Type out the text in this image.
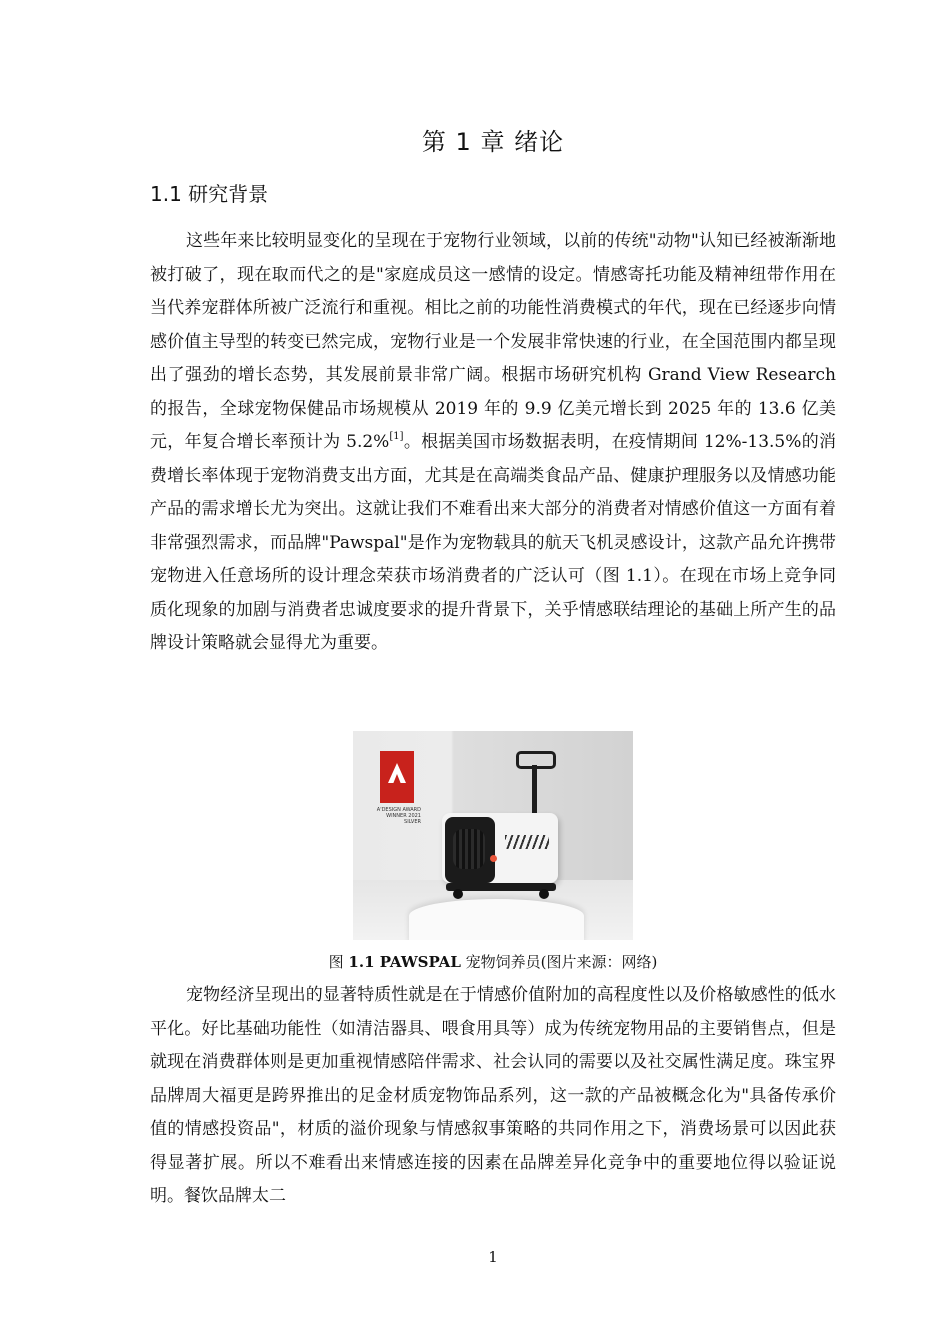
第 1 章 绪论
1.1 研究背景

这些年来比较明显变化的呈现在于宠物行业领域，以前的传统"动物"认知已经被渐渐地被打破了，现在取而代之的是"家庭成员这一感情的设定。情感寄托功能及精神纽带作用在当代养宠群体所被广泛流行和重视。相比之前的功能性消费模式的年代，现在已经逐步向情感价值主导型的转变已然完成，宠物行业是一个发展非常快速的行业，在全国范围内都呈现出了强劲的增长态势，其发展前景非常广阔。根据市场研究机构 Grand View Research 的报告，全球宠物保健品市场规模从 2019 年的 9.9 亿美元增长到 2025 年的 13.6 亿美元，年复合增长率预计为 5.2%[1]。根据美国市场数据表明，在疫情期间 12%-13.5%的消费增长率体现于宠物消费支出方面，尤其是在高端类食品产品、健康护理服务以及情感功能产品的需求增长尤为突出。这就让我们不难看出来大部分的消费者对情感价值这一方面有着非常强烈需求，而品牌"Pawspal"是作为宠物载具的航天飞机灵感设计，这款产品允许携带宠物进入任意场所的设计理念荣获市场消费者的广泛认可（图 1.1）。在现在市场上竞争同质化现象的加剧与消费者忠诚度要求的提升背景下，关乎情感联结理论的基础上所产生的品牌设计策略就会显得尤为重要。

A'DESIGN AWARD
WINNER 2021
SILVER
图 1.1 PAWSPAL 宠物饲养员(图片来源：网络)

宠物经济呈现出的显著特质性就是在于情感价值附加的高程度性以及价格敏感性的低水平化。好比基础功能性（如清洁器具、喂食用具等）成为传统宠物用品的主要销售点，但是就现在消费群体则是更加重视情感陪伴需求、社会认同的需要以及社交属性满足度。珠宝界品牌周大福更是跨界推出的足金材质宠物饰品系列，这一款的产品被概念化为"具备传承价值的情感投资品"，材质的溢价现象与情感叙事策略的共同作用之下，消费场景可以因此获得显著扩展。所以不难看出来情感连接的因素在品牌差异化竞争中的重要地位得以验证说明。餐饮品牌太二

1
